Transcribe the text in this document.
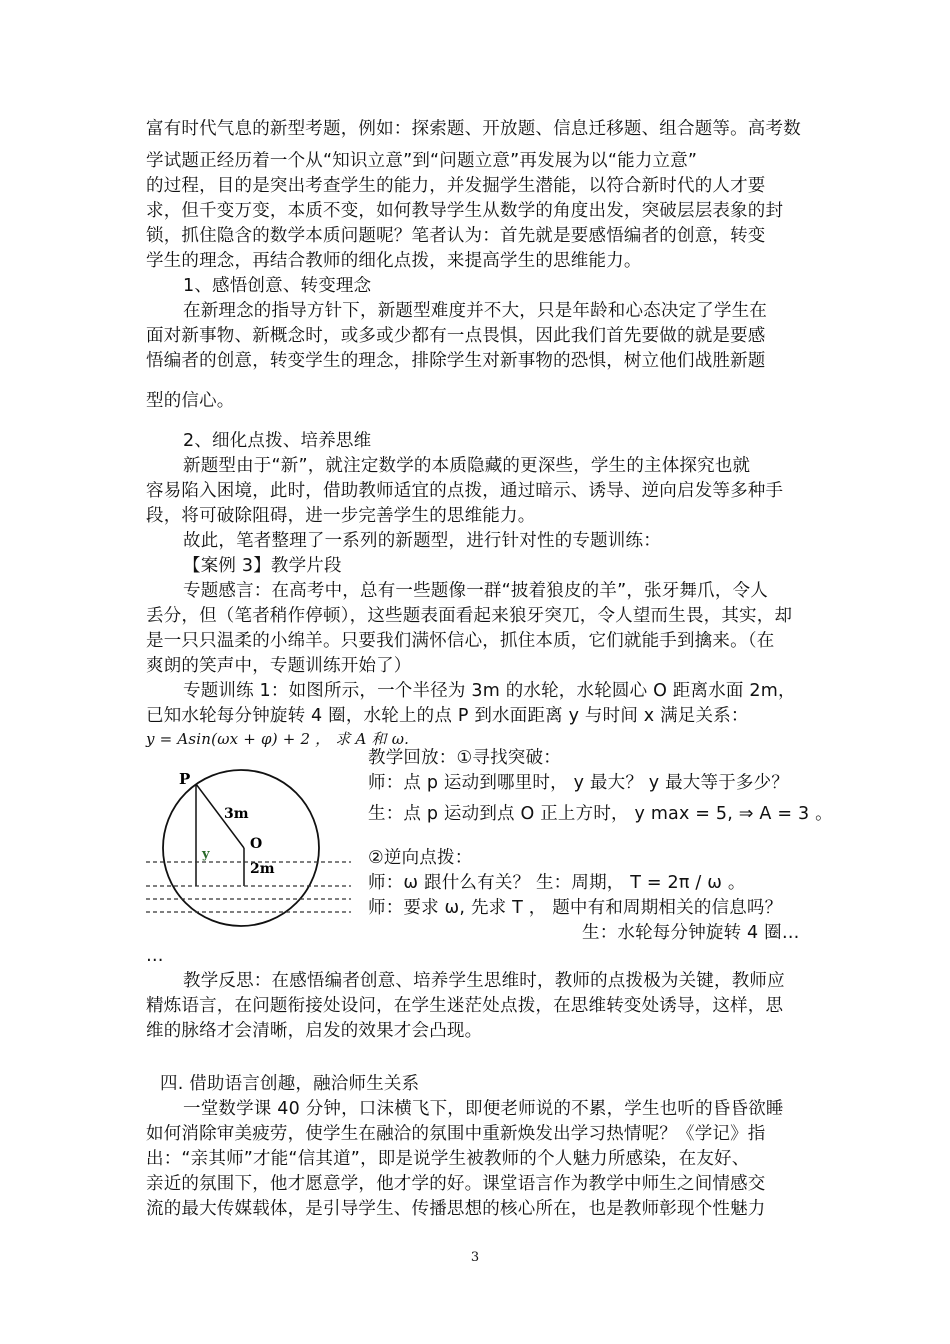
富有时代气息的新型考题，例如：探索题、开放题、信息迁移题、组合题等。高考数
学试题正经历着一个从“知识立意”到“问题立意”再发展为以“能力立意”
的过程，目的是突出考查学生的能力，并发掘学生潜能，以符合新时代的人才要
求，但千变万变，本质不变，如何教导学生从数学的角度出发，突破层层表象的封
锁，抓住隐含的数学本质问题呢？笔者认为：首先就是要感悟编者的创意，转变
学生的理念，再结合教师的细化点拨，来提高学生的思维能力。
1、感悟创意、转变理念
在新理念的指导方针下，新题型难度并不大，只是年龄和心态决定了学生在
面对新事物、新概念时，或多或少都有一点畏惧，因此我们首先要做的就是要感
悟编者的创意，转变学生的理念，排除学生对新事物的恐惧，树立他们战胜新题
型的信心。
2、细化点拨、培养思维
新题型由于“新”，就注定数学的本质隐藏的更深些，学生的主体探究也就
容易陷入困境，此时，借助教师适宜的点拨，通过暗示、诱导、逆向启发等多种手
段，将可破除阻碍，进一步完善学生的思维能力。
故此，笔者整理了一系列的新题型，进行针对性的专题训练：
【案例 3】教学片段
专题感言：在高考中，总有一些题像一群“披着狼皮的羊”，张牙舞爪，令人
丢分，但（笔者稍作停顿），这些题表面看起来狼牙突兀，令人望而生畏，其实，却
是一只只温柔的小绵羊。只要我们满怀信心，抓住本质，它们就能手到擒来。（在
爽朗的笑声中，专题训练开始了）
专题训练 1：如图所示，一个半径为 3m 的水轮，水轮圆心 O 距离水面 2m，
已知水轮每分钟旋转 4 圈，水轮上的点 P 到水面距离 y 与时间 x 满足关系：
y = Asin(ωx + φ) + 2 ， 求 A 和 ω.
P
3m
O
2m
y
教学回放：①寻找突破：
师：点 p 运动到哪里时， y 最大？ y 最大等于多少？
生：点 p 运动到点 O 正上方时， y max = 5, ⇒ A = 3 。
②逆向点拨：
师：ω 跟什么有关？ 生：周期， T = 2π / ω 。
师：要求 ω, 先求 T ， 题中有和周期相关的信息吗？
生：水轮每分钟旋转 4 圈…
…
教学反思：在感悟编者创意、培养学生思维时，教师的点拨极为关键，教师应
精炼语言，在问题衔接处设问，在学生迷茫处点拨，在思维转变处诱导，这样，思
维的脉络才会清晰，启发的效果才会凸现。
四. 借助语言创趣，融洽师生关系
一堂数学课 40 分钟，口沫横飞下，即便老师说的不累，学生也听的昏昏欲睡
如何消除审美疲劳，使学生在融洽的氛围中重新焕发出学习热情呢？《学记》指
出：“亲其师”才能“信其道”，即是说学生被教师的个人魅力所感染，在友好、
亲近的氛围下，他才愿意学，他才学的好。课堂语言作为教学中师生之间情感交
流的最大传媒载体，是引导学生、传播思想的核心所在，也是教师彰现个性魅力
3
